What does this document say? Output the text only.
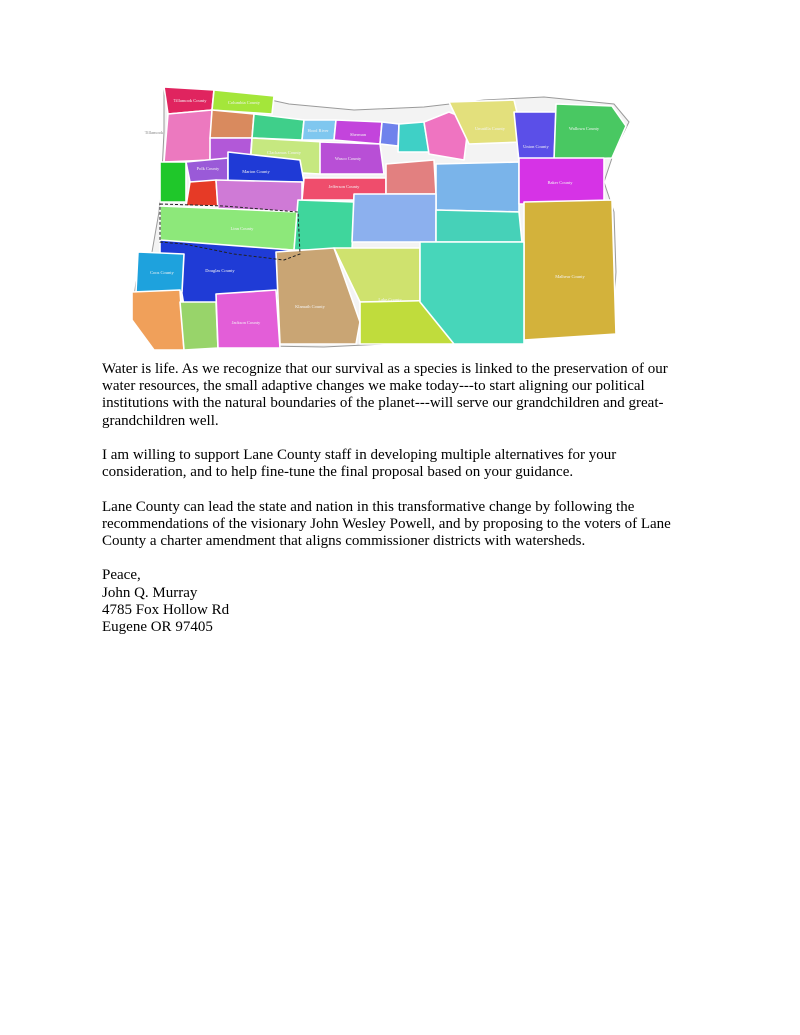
Tillamook County	Columbia County
Tillamook	Hood River
Sherman
Umatilla County	Wallowa County
Clackamas County
Wasco County
Union County
Polk County
Marion County
Baker County
Jefferson County
Linn County
Douglas County
Coos County
Lake County
Malheur County
Jackson County
Klamath County

Water is life. As we recognize that our survival as a species is linked to the preservation of our water resources, the small adaptive changes we make today---to start aligning our political institutions with the natural boundaries of the planet---will serve our grandchildren and great-grandchildren well.

I am willing to support Lane County staff in developing multiple alternatives for your consideration, and to help fine-tune the final proposal based on your guidance.

Lane County can lead the state and nation in this transformative change by following the recommendations of the visionary John Wesley Powell, and by proposing to the voters of Lane County a charter amendment that aligns commissioner districts with watersheds.

Peace,
John Q. Murray
4785 Fox Hollow Rd
Eugene OR 97405
